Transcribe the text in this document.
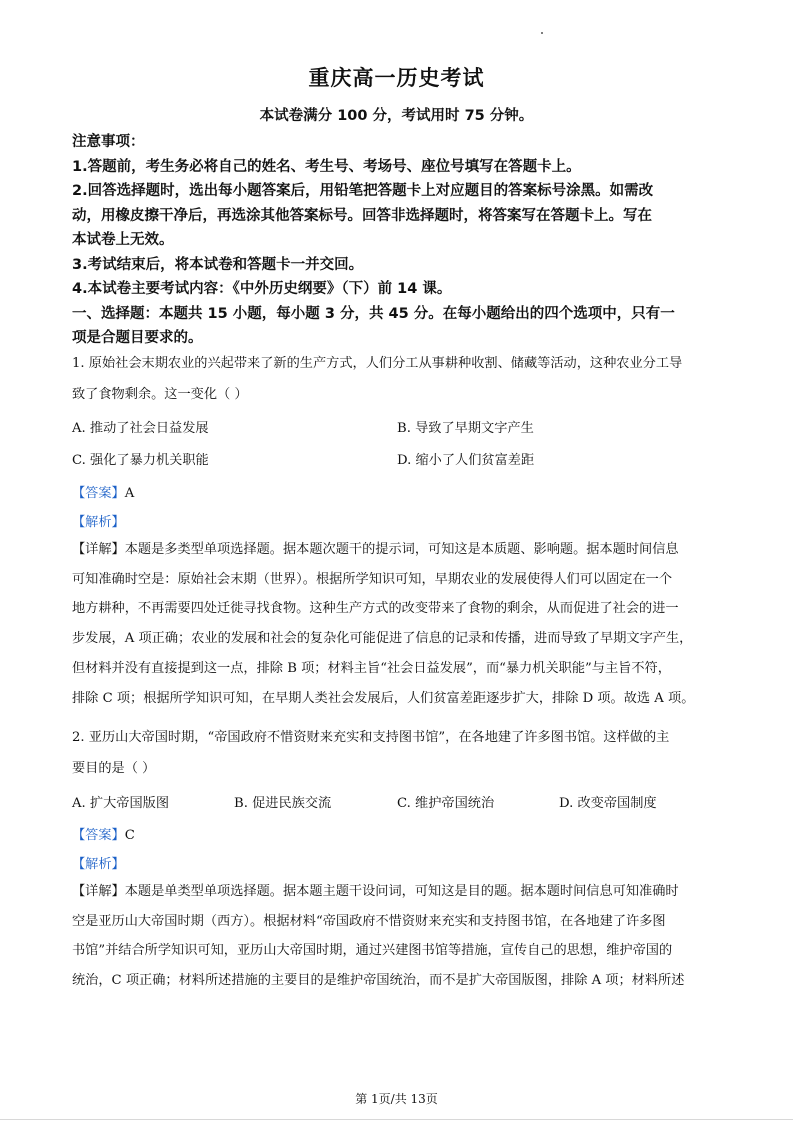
重庆高一历史考试
本试卷满分 100 分，考试用时 75 分钟。

注意事项：

1.答题前，考生务必将自己的姓名、考生号、考场号、座位号填写在答题卡上。

2.回答选择题时，选出每小题答案后，用铅笔把答题卡上对应题目的答案标号涂黑。如需改

动，用橡皮擦干净后，再选涂其他答案标号。回答非选择题时，将答案写在答题卡上。写在

本试卷上无效。

3.考试结束后，将本试卷和答题卡一并交回。

4.本试卷主要考试内容：《中外历史纲要》（下）前 14 课。

一、选择题：本题共 15 小题，每小题 3 分，共 45 分。在每小题给出的四个选项中，只有一

项是合题目要求的。

1. 原始社会末期农业的兴起带来了新的生产方式，人们分工从事耕种收割、储藏等活动，这种农业分工导

致了食物剩余。这一变化（ ）

A. 推动了社会日益发展	B. 导致了早期文字产生
C. 强化了暴力机关职能	D. 缩小了人们贫富差距
【答案】A
【解析】

【详解】本题是多类型单项选择题。据本题次题干的提示词，可知这是本质题、影响题。据本题时间信息

可知准确时空是：原始社会末期（世界）。根据所学知识可知，早期农业的发展使得人们可以固定在一个

地方耕种，不再需要四处迁徙寻找食物。这种生产方式的改变带来了食物的剩余，从而促进了社会的进一

步发展，A 项正确；农业的发展和社会的复杂化可能促进了信息的记录和传播，进而导致了早期文字产生，

但材料并没有直接提到这一点，排除 B 项；材料主旨“社会日益发展”，而“暴力机关职能”与主旨不符，

排除 C 项；根据所学知识可知，在早期人类社会发展后，人们贫富差距逐步扩大，排除 D 项。故选 A 项。

2. 亚历山大帝国时期，“帝国政府不惜资财来充实和支持图书馆”，在各地建了许多图书馆。这样做的主

要目的是（ ）

A. 扩大帝国版图	B. 促进民族交流	C. 维护帝国统治	D. 改变帝国制度
【答案】C
【解析】

【详解】本题是单类型单项选择题。据本题主题干设问词，可知这是目的题。据本题时间信息可知准确时

空是亚历山大帝国时期（西方）。根据材料“帝国政府不惜资财来充实和支持图书馆，在各地建了许多图

书馆”并结合所学知识可知，亚历山大帝国时期，通过兴建图书馆等措施，宣传自己的思想，维护帝国的

统治，C 项正确；材料所述措施的主要目的是维护帝国统治，而不是扩大帝国版图，排除 A 项；材料所述

第 1页/共 13页
